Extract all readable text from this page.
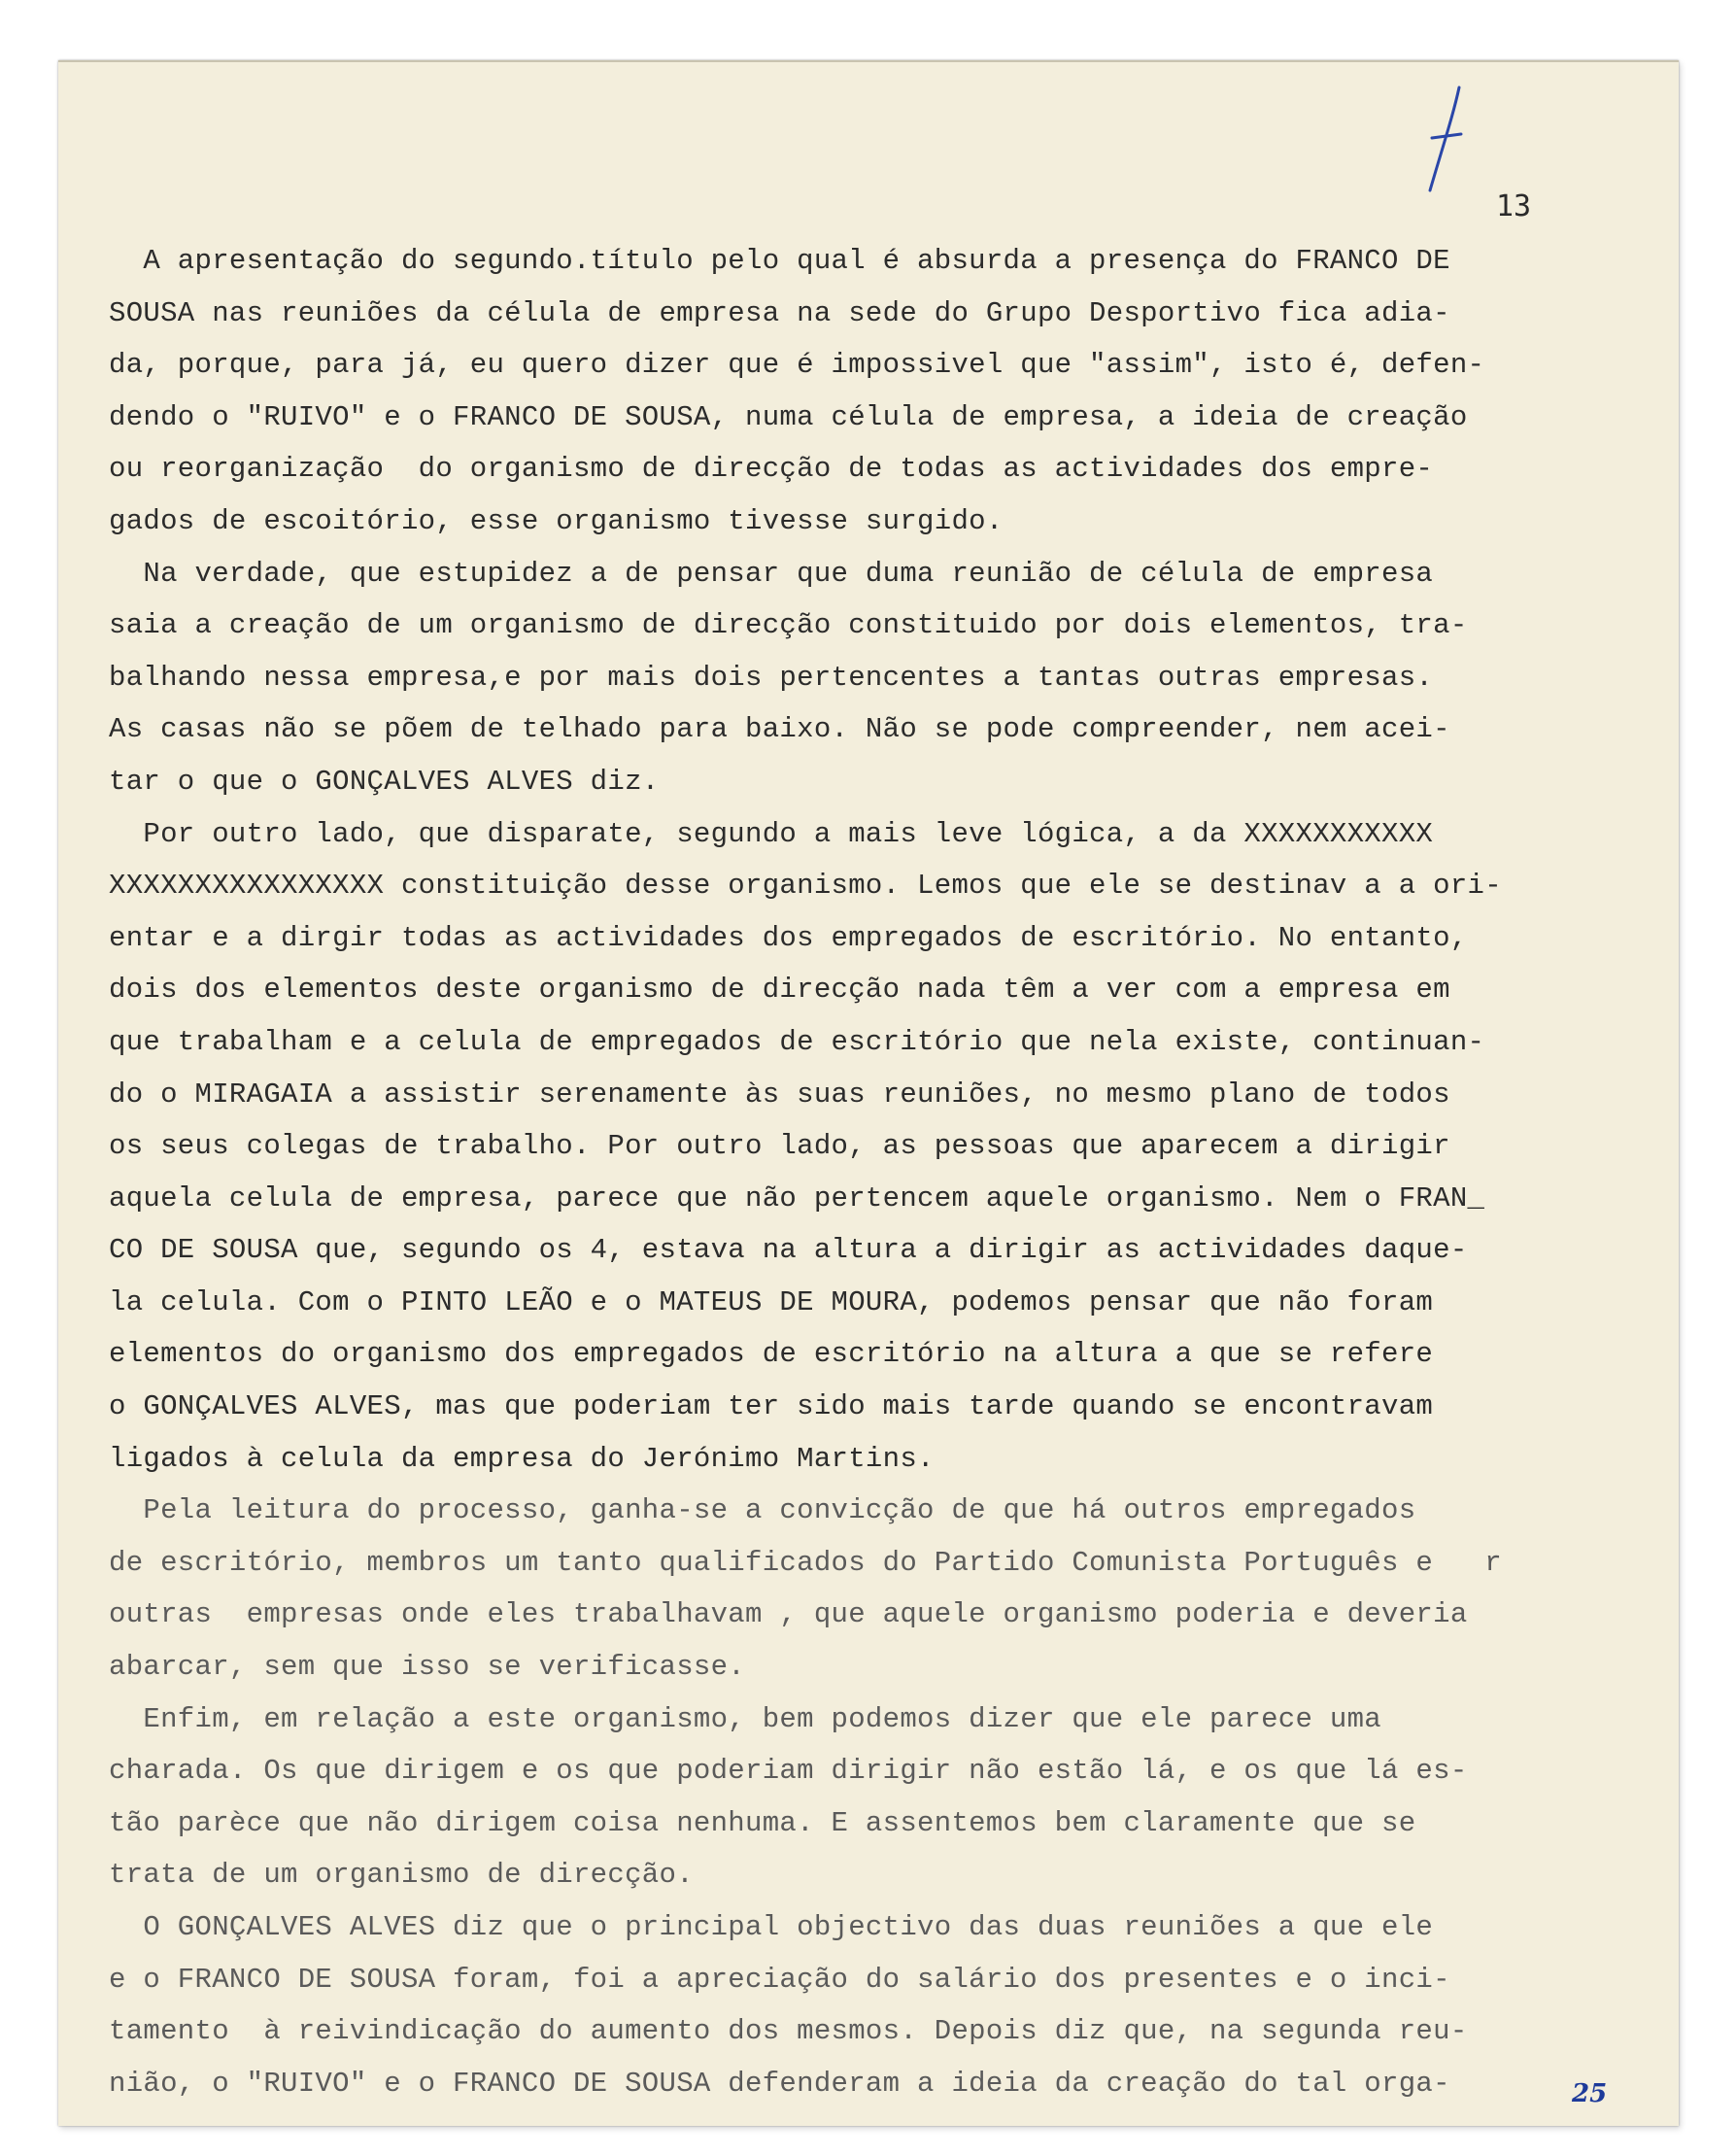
13
A apresentação do segundo.título pelo qual é absurda a presença do FRANCO DE
SOUSA nas reuniões da célula de empresa na sede do Grupo Desportivo fica adia-
da, porque, para já, eu quero dizer que é impossivel que "assim", isto é, defen-
dendo o "RUIVO" e o FRANCO DE SOUSA, numa célula de empresa, a ideia de creação
ou reorganização  do organismo de direcção de todas as actividades dos empre-
gados de escoitório, esse organismo tivesse surgido.
Na verdade, que estupidez a de pensar que duma reunião de célula de empresa
saia a creação de um organismo de direcção constituido por dois elementos, tra-
balhando nessa empresa,e por mais dois pertencentes a tantas outras empresas.
As casas não se põem de telhado para baixo. Não se pode compreender, nem acei-
tar o que o GONÇALVES ALVES diz.
Por outro lado, que disparate, segundo a mais leve lógica, a da XXXXXXXXXXX
XXXXXXXXXXXXXXXX constituição desse organismo. Lemos que ele se destinav a a ori-
entar e a dirgir todas as actividades dos empregados de escritório. No entanto,
dois dos elementos deste organismo de direcção nada têm a ver com a empresa em
que trabalham e a celula de empregados de escritório que nela existe, continuan-
do o MIRAGAIA a assistir serenamente às suas reuniões, no mesmo plano de todos
os seus colegas de trabalho. Por outro lado, as pessoas que aparecem a dirigir
aquela celula de empresa, parece que não pertencem aquele organismo. Nem o FRAN_
CO DE SOUSA que, segundo os 4, estava na altura a dirigir as actividades daque-
la celula. Com o PINTO LEÃO e o MATEUS DE MOURA, podemos pensar que não foram
elementos do organismo dos empregados de escritório na altura a que se refere
o GONÇALVES ALVES, mas que poderiam ter sido mais tarde quando se encontravam
ligados à celula da empresa do Jerónimo Martins.
Pela leitura do processo, ganha-se a convicção de que há outros empregados
de escritório, membros um tanto qualificados do Partido Comunista Português e   r
outras  empresas onde eles trabalhavam , que aquele organismo poderia e deveria
abarcar, sem que isso se verificasse.
Enfim, em relação a este organismo, bem podemos dizer que ele parece uma
charada. Os que dirigem e os que poderiam dirigir não estão lá, e os que lá es-
tão parèce que não dirigem coisa nenhuma. E assentemos bem claramente que se
trata de um organismo de direcção.
O GONÇALVES ALVES diz que o principal objectivo das duas reuniões a que ele
e o FRANCO DE SOUSA foram, foi a apreciação do salário dos presentes e o inci-
tamento  à reivindicação do aumento dos mesmos. Depois diz que, na segunda reu-
nião, o "RUIVO" e o FRANCO DE SOUSA defenderam a ideia da creação do tal orga-	25
